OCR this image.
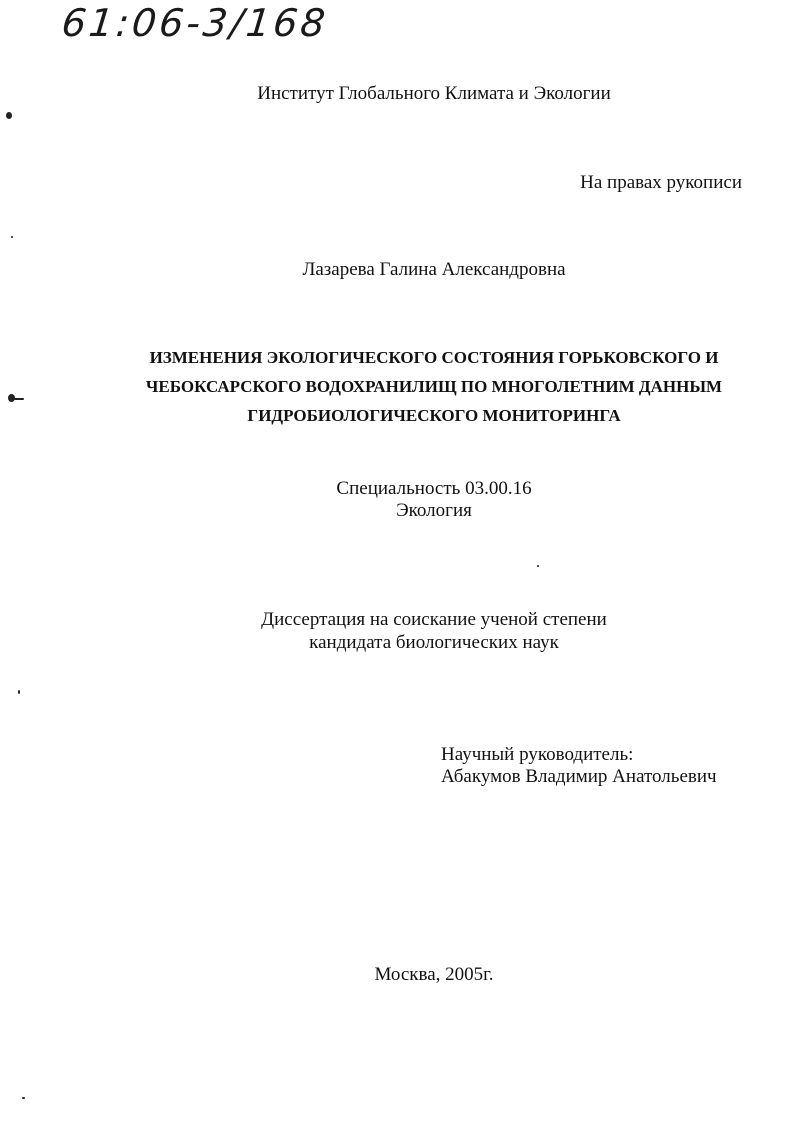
61:06-3/168
Институт Глобального Климата и Экологии
На правах рукописи
Лазарева Галина Александровна
ИЗМЕНЕНИЯ ЭКОЛОГИЧЕСКОГО СОСТОЯНИЯ ГОРЬКОВСКОГО И
ЧЕБОКСАРСКОГО ВОДОХРАНИЛИЩ ПО МНОГОЛЕТНИМ ДАННЫМ
ГИДРОБИОЛОГИЧЕСКОГО МОНИТОРИНГА
Специальность 03.00.16
Экология
Диссертация на соискание ученой степени
кандидата биологических наук
Научный руководитель:
Абакумов Владимир Анатольевич
Москва, 2005г.
